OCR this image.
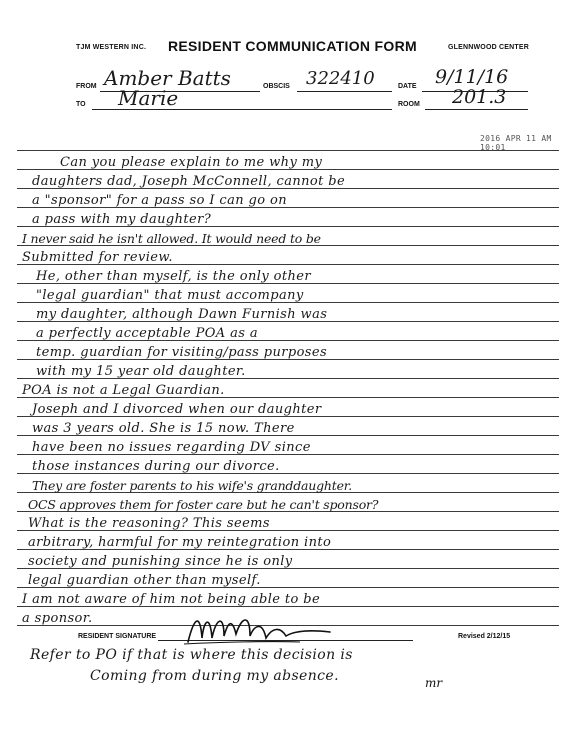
TJM WESTERN INC. RESIDENT COMMUNICATION FORM	GLENNWOOD CENTER
FROM Amber Batts	OBSCIS 322410	DATE 9/11/16
TO Marie	ROOM 201.3
2016 APR 11 AM 10:01
Can you please explain to me why my
daughters dad, Joseph McConnell, cannot be
a "sponsor" for a pass so I can go on
a pass with my daughter?
I never said he isn't allowed. It would need to be
Submitted for review.
He, other than myself, is the only other
"legal guardian" that must accompany
my daughter, although Dawn Furnish was
a perfectly acceptable POA as a
temp. guardian for visiting/pass purposes
with my 15 year old daughter.
POA is not a Legal Guardian.
Joseph and I divorced when our daughter
was 3 years old. She is 15 now. There
have been no issues regarding DV since
those instances during our divorce.
They are foster parents to his wife's granddaughter.
OCS approves them for foster care but he can't sponsor?
What is the reasoning? This seems
arbitrary, harmful for my reintegration into
society and punishing since he is only
legal guardian other than myself.
I am not aware of him not being able to be
a sponsor.
RESIDENT SIGNATURE	Revised 2/12/15
Refer to PO if that is where this decision is
Coming from during my absence.	mr
